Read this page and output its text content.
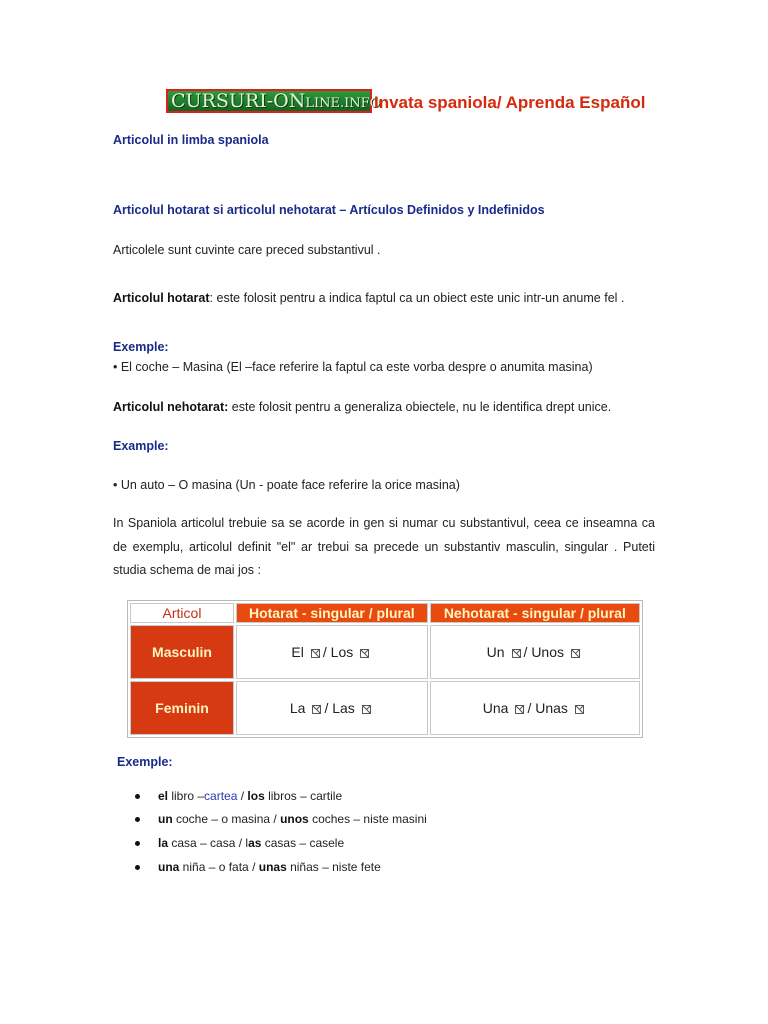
CURSURI-ONLINE.INFO
Invata spaniola/ Aprenda Español
Articolul in limba spaniola
Articolul hotarat si articolul nehotarat – Artículos Definidos y Indefinidos
Articolele sunt cuvinte care preced substantivul .
Articolul hotarat: este folosit pentru a indica faptul ca un obiect este unic intr-un anume fel .
Exemple:
• El coche – Masina (El –face referire la faptul ca este vorba despre o anumita masina)
Articolul nehotarat: este folosit pentru a generaliza obiectele, nu le identifica drept unice.
Example:
• Un auto – O masina (Un - poate face referire la orice masina)
In Spaniola articolul trebuie sa se acorde in gen si numar cu substantivul, ceea ce inseamna ca de exemplu, articolul definit "el" ar trebui sa precede un substantiv masculin, singular . Puteti studia schema de mai jos :
Articol	Hotarat - singular / plural	Nehotarat - singular / plural
Masculin	El / Los	Un / Unos
Feminin	La / Las	Una / Unas
Exemple:
el libro –cartea / los libros – cartile
un coche – o masina / unos coches – niste masini
la casa – casa / las casas – casele
una niña – o fata / unas niñas – niste fete
